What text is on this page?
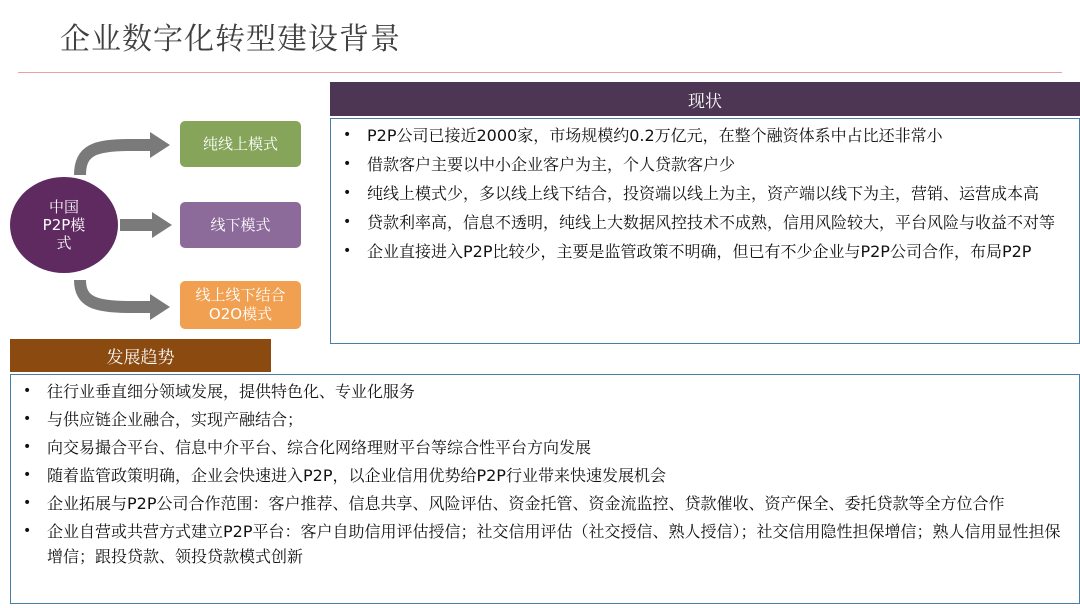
企业数字化转型建设背景
中国
P2P模
式
纯线上模式
线下模式
线上线下结合
O2O模式
现状
• P2P公司已接近2000家，市场规模约0.2万亿元，在整个融资体系中占比还非常小
• 借款客户主要以中小企业客户为主，个人贷款客户少
• 纯线上模式少，多以线上线下结合，投资端以线上为主，资产端以线下为主，营销、运营成本高
• 贷款利率高，信息不透明，纯线上大数据风控技术不成熟，信用风险较大，平台风险与收益不对等
• 企业直接进入P2P比较少，主要是监管政策不明确，但已有不少企业与P2P公司合作，布局P2P
发展趋势
• 往行业垂直细分领域发展，提供特色化、专业化服务
• 与供应链企业融合，实现产融结合；
• 向交易撮合平台、信息中介平台、综合化网络理财平台等综合性平台方向发展
• 随着监管政策明确，企业会快速进入P2P，以企业信用优势给P2P行业带来快速发展机会
• 企业拓展与P2P公司合作范围：客户推荐、信息共享、风险评估、资金托管、资金流监控、贷款催收、资产保全、委托贷款等全方位合作
• 企业自营或共营方式建立P2P平台：客户自助信用评估授信；社交信用评估（社交授信、熟人授信）；社交信用隐性担保增信；熟人信用显性担保增信；跟投贷款、领投贷款模式创新
